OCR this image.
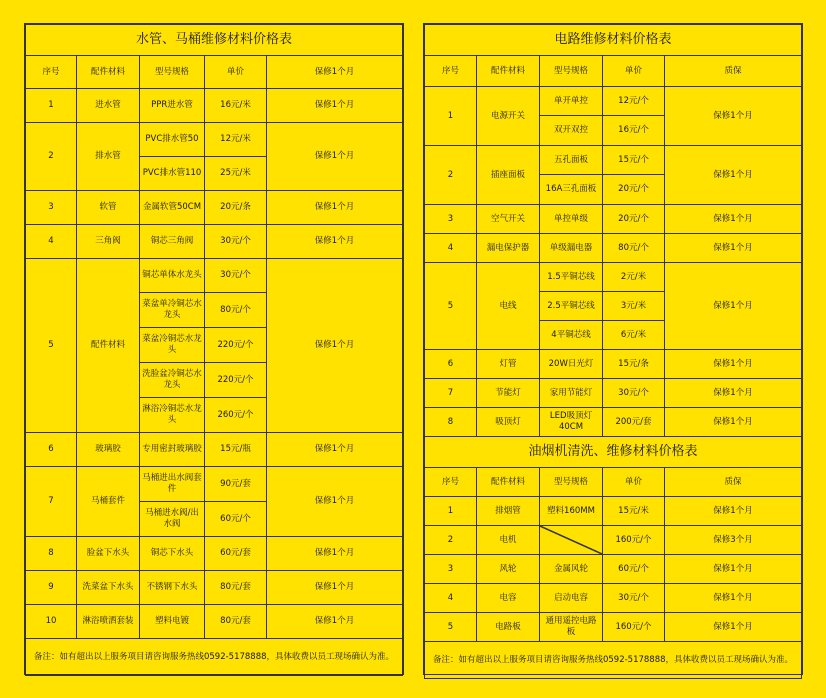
水管、马桶维修材料价格表				
序号	配件材料	型号规格	单价	保修1个月
1	进水管	PPR进水管	16元/米	保修1个月
2	排水管	PVC排水管50	12元/米	保修1个月
		PVC排水管110	25元/米	
3	软管	金属软管50CM	20元/条	保修1个月
4	三角阀	铜芯三角阀	30元/个	保修1个月
5	配件材料	铜芯单体水龙头	30元/个	保修1个月
		菜盆单冷铜芯水龙头	80元/个	
		菜盆冷铜芯水龙头	220元/个	
		洗脸盆冷铜芯水龙头	220元/个	
		淋浴冷铜芯水龙头	260元/个	
6	玻璃胶	专用密封玻璃胶	15元/瓶	保修1个月
7	马桶套件	马桶进出水阀套件	90元/套	保修1个月
		马桶进水阀/出水阀	60元/个	
8	脸盆下水头	铜芯下水头	60元/套	保修1个月
9	洗菜盆下水头	不锈钢下水头	80元/套	保修1个月
10	淋浴喷洒套装	塑料电镀	80元/套	保修1个月
备注：如有超出以上服务项目请咨询服务热线0592-5178888，具体收费以员工现场确认为准。				
电路维修材料价格表				
序号	配件材料	型号规格	单价	质保
1	电源开关	单开单控	12元/个	保修1个月
		双开双控	16元/个	
2	插座面板	五孔面板	15元/个	保修1个月
		16A三孔面板	20元/个	
3	空气开关	单控单级	20元/个	保修1个月
4	漏电保护器	单级漏电器	80元/个	保修1个月
5	电线	1.5平铜芯线	2元/米	保修1个月
		2.5平铜芯线	3元/米	
		4平铜芯线	6元/米	
6	灯管	20W日光灯	15元/条	保修1个月
7	节能灯	家用节能灯	30元/个	保修1个月
8	吸顶灯	LED吸顶灯40CM	200元/套	保修1个月
油烟机清洗、维修材料价格表				
序号	配件材料	型号规格	单价	质保
1	排烟管	塑料160MM	15元/米	保修1个月
2	电机		160元/个	保修3个月
3	风轮	金属风轮	60元/个	保修1个月
4	电容	启动电容	30元/个	保修1个月
5	电路板	通用遥控电路板	160元/个	保修1个月
备注：如有超出以上服务项目请咨询服务热线0592-5178888，具体收费以员工现场确认为准。				
